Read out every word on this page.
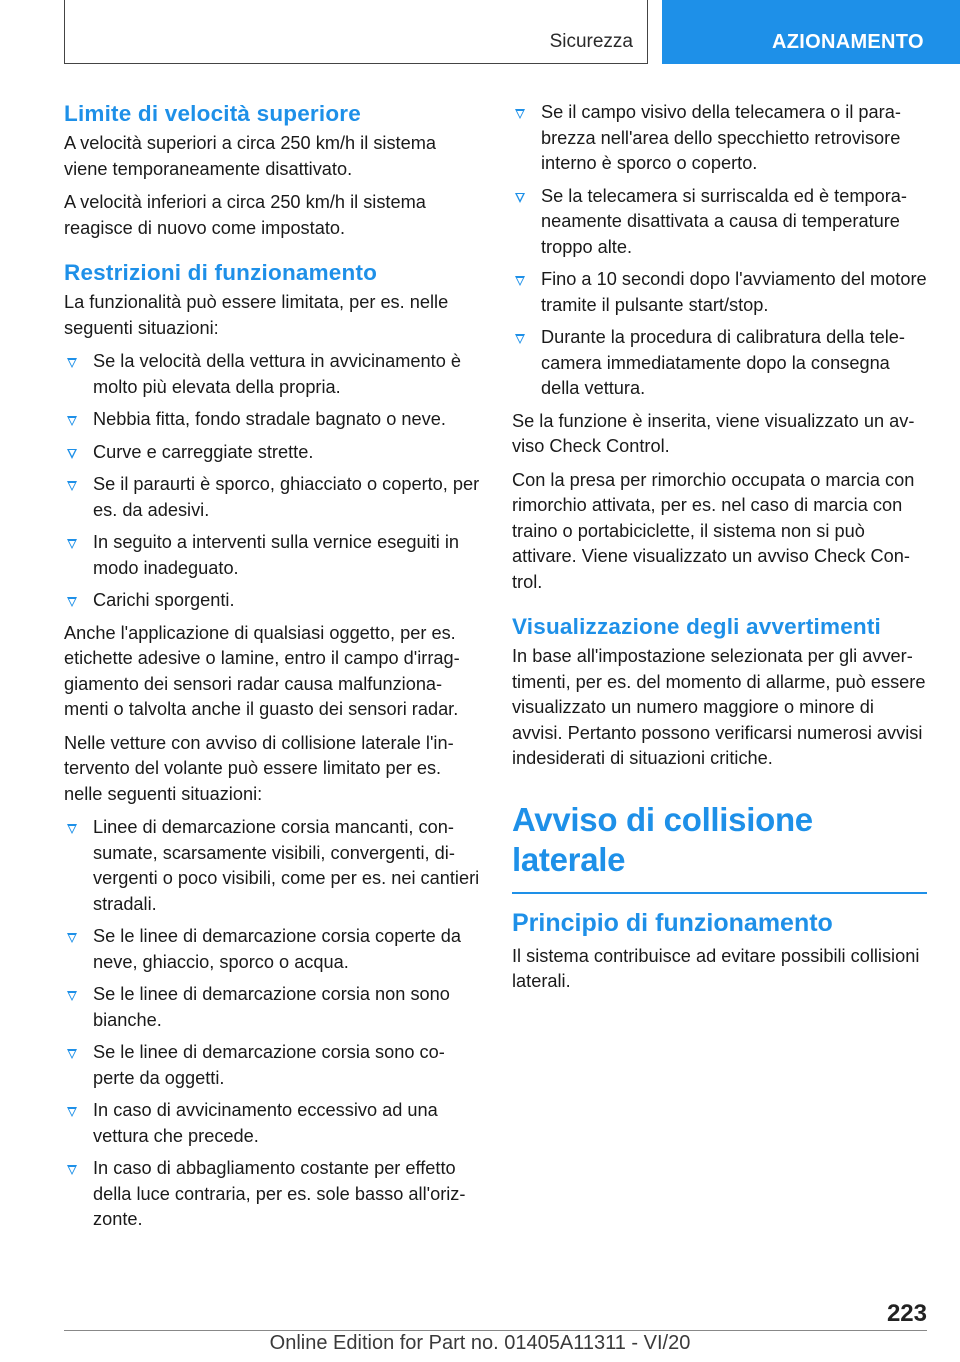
Sicurezza	AZIONAMENTO
Limite di velocità superiore

A velocità superiori a circa 250 km/h il sistema viene temporaneamente disattivato.

A velocità inferiori a circa 250 km/h il sistema reagisce di nuovo come impostato.

Restrizioni di funzionamento

La funzionalità può essere limitata, per es. nelle seguenti situazioni:

Se la velocità della vettura in avvicinamento è molto più elevata della propria.
Nebbia fitta, fondo stradale bagnato o neve.
Curve e carreggiate strette.
Se il paraurti è sporco, ghiacciato o coperto, per es. da adesivi.
In seguito a interventi sulla vernice eseguiti in modo inadeguato.
Carichi sporgenti.

Anche l'applicazione di qualsiasi oggetto, per es. etichette adesive o lamine, entro il campo d'irraggiamento dei sensori radar causa malfunzionamenti o talvolta anche il guasto dei sensori radar.

Nelle vetture con avviso di collisione laterale l'intervento del volante può essere limitato per es. nelle seguenti situazioni:

Linee di demarcazione corsia mancanti, consumate, scarsamente visibili, convergenti, divergenti o poco visibili, come per es. nei cantieri stradali.
Se le linee di demarcazione corsia coperte da neve, ghiaccio, sporco o acqua.
Se le linee di demarcazione corsia non sono bianche.
Se le linee di demarcazione corsia sono coperte da oggetti.
In caso di avvicinamento eccessivo ad una vettura che precede.
In caso di abbagliamento costante per effetto della luce contraria, per es. sole basso all'orizzonte.
Se il campo visivo della telecamera o il parabrezza nell'area dello specchietto retrovisore interno è sporco o coperto.
Se la telecamera si surriscalda ed è temporaneamente disattivata a causa di temperature troppo alte.
Fino a 10 secondi dopo l'avviamento del motore tramite il pulsante start/stop.
Durante la procedura di calibratura della telecamera immediatamente dopo la consegna della vettura.

Se la funzione è inserita, viene visualizzato un avviso Check Control.

Con la presa per rimorchio occupata o marcia con rimorchio attivata, per es. nel caso di marcia con traino o portabiciclette, il sistema non si può attivare. Viene visualizzato un avviso Check Control.

Visualizzazione degli avvertimenti

In base all'impostazione selezionata per gli avvertimenti, per es. del momento di allarme, può essere visualizzato un numero maggiore o minore di avvisi. Pertanto possono verificarsi numerosi avvisi indesiderati di situazioni critiche.

Avviso di collisione laterale
Principio di funzionamento

Il sistema contribuisce ad evitare possibili collisioni laterali.

223
Online Edition for Part no. 01405A11311 - VI/20
